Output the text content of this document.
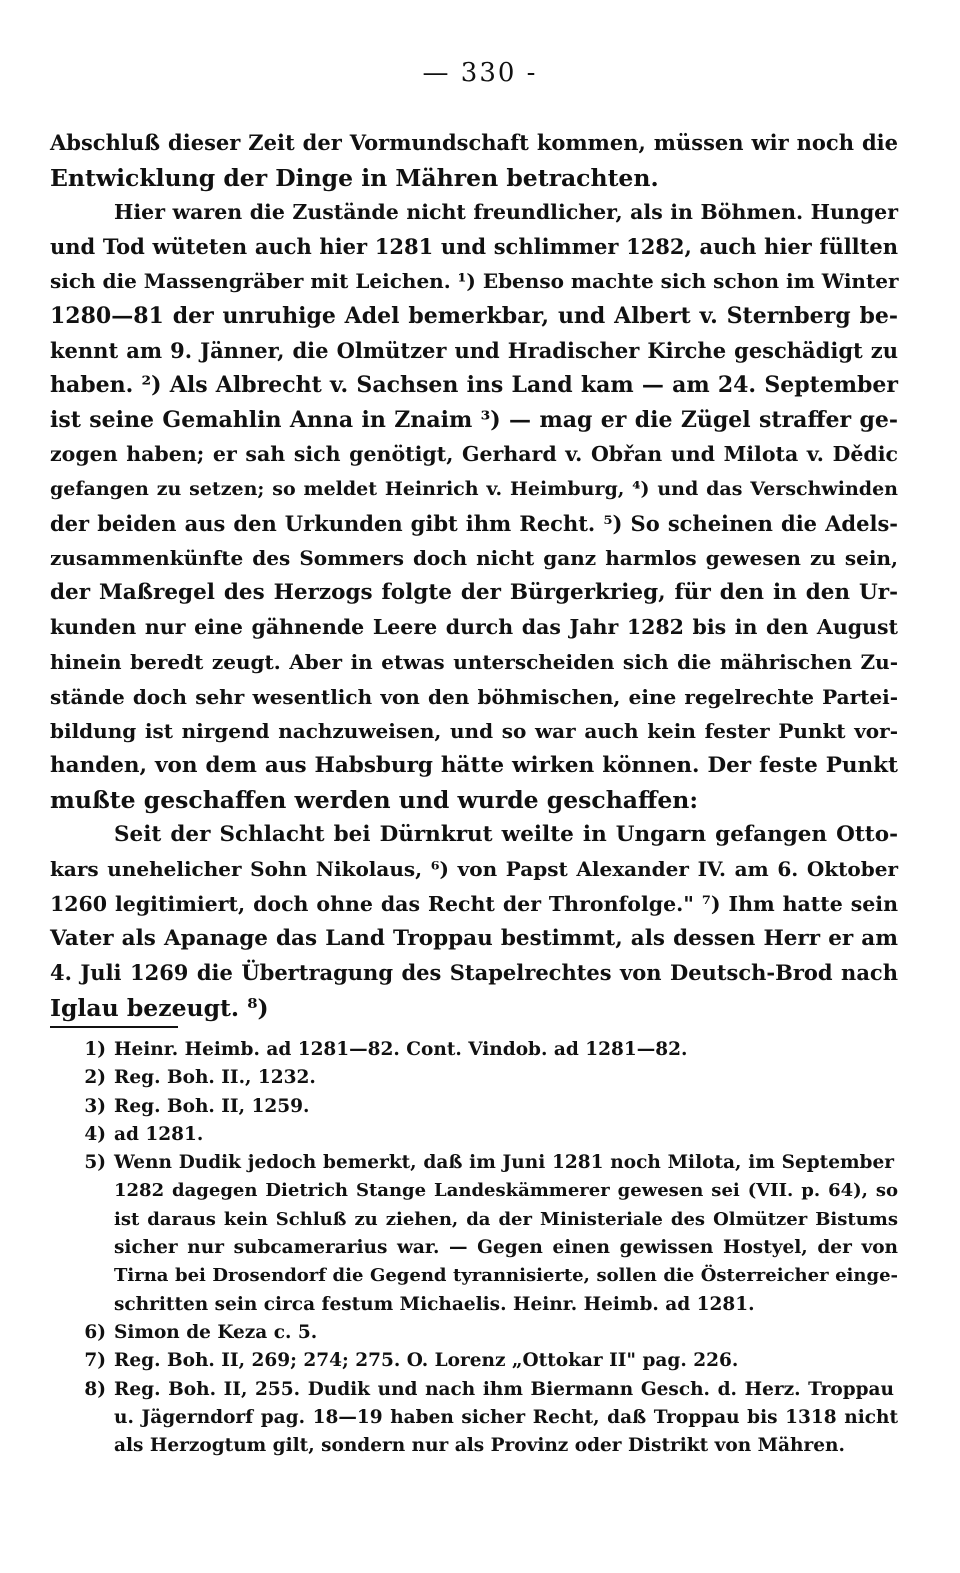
— 330 -
Abschluß dieser Zeit der Vormundschaft kommen, müssen wir noch die
Entwicklung der Dinge in Mähren betrachten.
Hier waren die Zustände nicht freundlicher, als in Böhmen. Hunger
und Tod wüteten auch hier 1281 und schlimmer 1282, auch hier füllten
sich die Massengräber mit Leichen. ¹) Ebenso machte sich schon im Winter
1280—81 der unruhige Adel bemerkbar, und Albert v. Sternberg be-
kennt am 9. Jänner, die Olmützer und Hradischer Kirche geschädigt zu
haben. ²) Als Albrecht v. Sachsen ins Land kam — am 24. September
ist seine Gemahlin Anna in Znaim ³) — mag er die Zügel straffer ge-
zogen haben; er sah sich genötigt, Gerhard v. Obřan und Milota v. Dědic
gefangen zu setzen; so meldet Heinrich v. Heimburg, ⁴) und das Verschwinden
der beiden aus den Urkunden gibt ihm Recht. ⁵) So scheinen die Adels-
zusammenkünfte des Sommers doch nicht ganz harmlos gewesen zu sein,
der Maßregel des Herzogs folgte der Bürgerkrieg, für den in den Ur-
kunden nur eine gähnende Leere durch das Jahr 1282 bis in den August
hinein beredt zeugt. Aber in etwas unterscheiden sich die mährischen Zu-
stände doch sehr wesentlich von den böhmischen, eine regelrechte Partei-
bildung ist nirgend nachzuweisen, und so war auch kein fester Punkt vor-
handen, von dem aus Habsburg hätte wirken können. Der feste Punkt
mußte geschaffen werden und wurde geschaffen:
Seit der Schlacht bei Dürnkrut weilte in Ungarn gefangen Otto-
kars unehelicher Sohn Nikolaus, ⁶) von Papst Alexander IV. am 6. Oktober
1260 legitimiert, doch ohne das Recht der Thronfolge." ⁷) Ihm hatte sein
Vater als Apanage das Land Troppau bestimmt, als dessen Herr er am
4. Juli 1269 die Übertragung des Stapelrechtes von Deutsch-Brod nach
Iglau bezeugt. ⁸)
1) Heinr. Heimb. ad 1281—82. Cont. Vindob. ad 1281—82.
2) Reg. Boh. II., 1232.
3) Reg. Boh. II, 1259.
4) ad 1281.
5) Wenn Dudik jedoch bemerkt, daß im Juni 1281 noch Milota, im September
1282 dagegen Dietrich Stange Landeskämmerer gewesen sei (VII. p. 64), so
ist daraus kein Schluß zu ziehen, da der Ministeriale des Olmützer Bistums
sicher nur subcamerarius war. — Gegen einen gewissen Hostyel, der von
Tirna bei Drosendorf die Gegend tyrannisierte, sollen die Österreicher einge-
schritten sein circa festum Michaelis. Heinr. Heimb. ad 1281.
6) Simon de Keza c. 5.
7) Reg. Boh. II, 269; 274; 275. O. Lorenz „Ottokar II" pag. 226.
8) Reg. Boh. II, 255. Dudik und nach ihm Biermann Gesch. d. Herz. Troppau
u. Jägerndorf pag. 18—19 haben sicher Recht, daß Troppau bis 1318 nicht
als Herzogtum gilt, sondern nur als Provinz oder Distrikt von Mähren.
